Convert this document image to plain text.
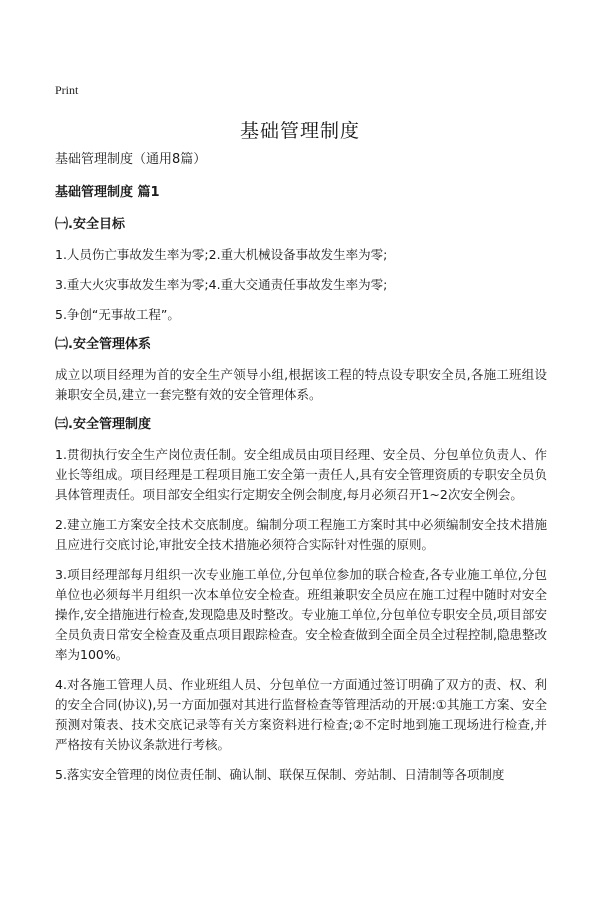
Print
基础管理制度

基础管理制度（通用8篇）

基础管理制度 篇1

㈠.安全目标

1.人员伤亡事故发生率为零;2.重大机械设备事故发生率为零;

3.重大火灾事故发生率为零;4.重大交通责任事故发生率为零;

5.争创“无事故工程”。

㈡.安全管理体系

成立以项目经理为首的安全生产领导小组,根据该工程的特点设专职安全员,各施工班组设兼职安全员,建立一套完整有效的安全管理体系。

㈢.安全管理制度

1.贯彻执行安全生产岗位责任制。安全组成员由项目经理、安全员、分包单位负责人、作业长等组成。项目经理是工程项目施工安全第一责任人,具有安全管理资质的专职安全员负具体管理责任。项目部安全组实行定期安全例会制度,每月必须召开1~2次安全例会。

2.建立施工方案安全技术交底制度。编制分项工程施工方案时其中必须编制安全技术措施且应进行交底讨论,审批安全技术措施必须符合实际针对性强的原则。

3.项目经理部每月组织一次专业施工单位,分包单位参加的联合检查,各专业施工单位,分包单位也必须每半月组织一次本单位安全检查。班组兼职安全员应在施工过程中随时对安全操作,安全措施进行检查,发现隐患及时整改。专业施工单位,分包单位专职安全员,项目部安全员负责日常安全检查及重点项目跟踪检查。安全检查做到全面全员全过程控制,隐患整改率为100%。

4.对各施工管理人员、作业班组人员、分包单位一方面通过签订明确了双方的责、权、利的安全合同(协议),另一方面加强对其进行监督检查等管理活动的开展:①其施工方案、安全预测对策表、技术交底记录等有关方案资料进行检查;②不定时地到施工现场进行检查,并严格按有关协议条款进行考核。

5.落实安全管理的岗位责任制、确认制、联保互保制、旁站制、日清制等各项制度
